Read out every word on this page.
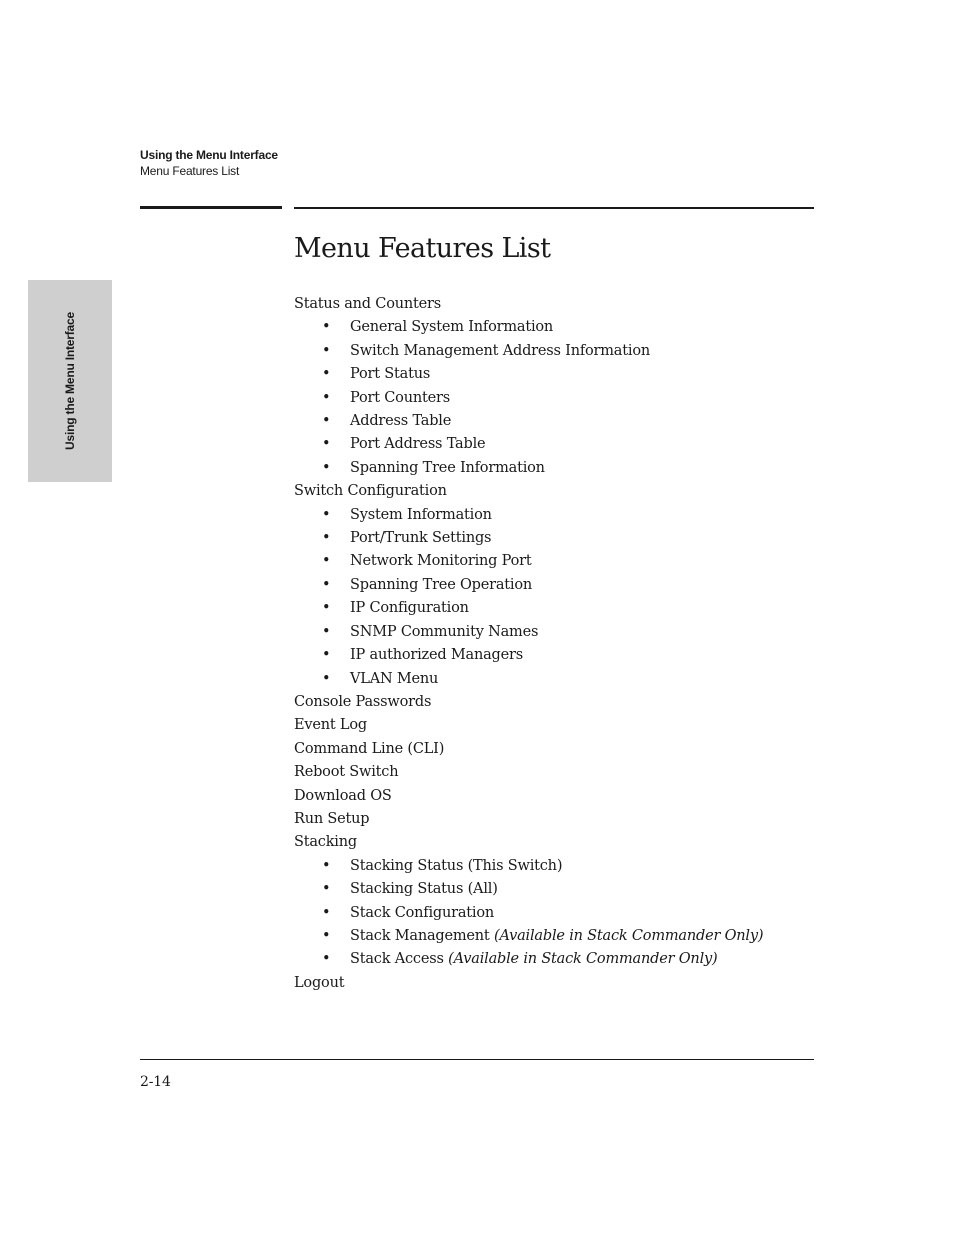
Using the Menu Interface
Menu Features List
Using the Menu Interface
Menu Features List
Status and Counters
• General System Information
• Switch Management Address Information
• Port Status
• Port Counters
• Address Table
• Port Address Table
• Spanning Tree Information
Switch Configuration
• System Information
• Port/Trunk Settings
• Network Monitoring Port
• Spanning Tree Operation
• IP Configuration
• SNMP Community Names
• IP authorized Managers
• VLAN Menu
Console Passwords
Event Log
Command Line (CLI)
Reboot Switch
Download OS
Run Setup
Stacking
• Stacking Status (This Switch)
• Stacking Status (All)
• Stack Configuration
• Stack Management (Available in Stack Commander Only)
• Stack Access (Available in Stack Commander Only)
Logout
2-14
